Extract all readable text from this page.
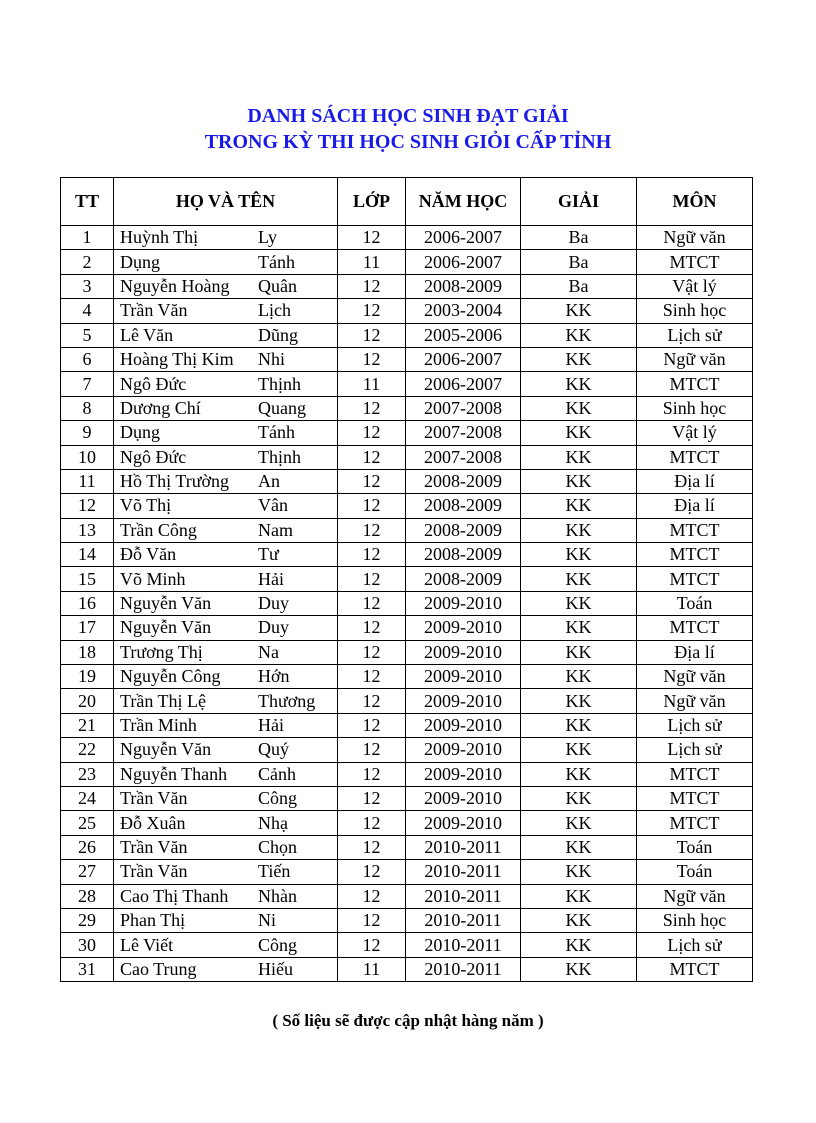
DANH SÁCH HỌC SINH ĐẠT GIẢI
TRONG KỲ THI HỌC SINH GIỎI CẤP TỈNH
TT	HỌ VÀ TÊN	LỚP	NĂM HỌC	GIẢI	MÔN
1	Huỳnh Thị Ly	12	2006-2007	Ba	Ngữ văn
2	Dụng Tánh	11	2006-2007	Ba	MTCT
3	Nguyễn Hoàng Quân	12	2008-2009	Ba	Vật lý
4	Trần Văn Lịch	12	2003-2004	KK	Sinh học
5	Lê Văn Dũng	12	2005-2006	KK	Lịch sử
6	Hoàng Thị Kim Nhi	12	2006-2007	KK	Ngữ văn
7	Ngô Đức Thịnh	11	2006-2007	KK	MTCT
8	Dương Chí Quang	12	2007-2008	KK	Sinh học
9	Dụng Tánh	12	2007-2008	KK	Vật lý
10	Ngô Đức Thịnh	12	2007-2008	KK	MTCT
11	Hồ Thị Trường An	12	2008-2009	KK	Địa lí
12	Võ Thị Vân	12	2008-2009	KK	Địa lí
13	Trần Công Nam	12	2008-2009	KK	MTCT
14	Đỗ Văn Tư	12	2008-2009	KK	MTCT
15	Võ Minh Hải	12	2008-2009	KK	MTCT
16	Nguyễn Văn Duy	12	2009-2010	KK	Toán
17	Nguyễn Văn Duy	12	2009-2010	KK	MTCT
18	Trương Thị Na	12	2009-2010	KK	Địa lí
19	Nguyễn Công Hớn	12	2009-2010	KK	Ngữ văn
20	Trần Thị Lệ Thương	12	2009-2010	KK	Ngữ văn
21	Trần Minh Hải	12	2009-2010	KK	Lịch sử
22	Nguyễn Văn Quý	12	2009-2010	KK	Lịch sử
23	Nguyễn Thanh Cảnh	12	2009-2010	KK	MTCT
24	Trần Văn Công	12	2009-2010	KK	MTCT
25	Đỗ Xuân Nhạ	12	2009-2010	KK	MTCT
26	Trần Văn Chọn	12	2010-2011	KK	Toán
27	Trần Văn Tiến	12	2010-2011	KK	Toán
28	Cao Thị Thanh Nhàn	12	2010-2011	KK	Ngữ văn
29	Phan Thị Ni	12	2010-2011	KK	Sinh học
30	Lê Viết Công	12	2010-2011	KK	Lịch sử
31	Cao Trung Hiếu	11	2010-2011	KK	MTCT
( Số liệu sẽ được cập nhật hàng năm )
